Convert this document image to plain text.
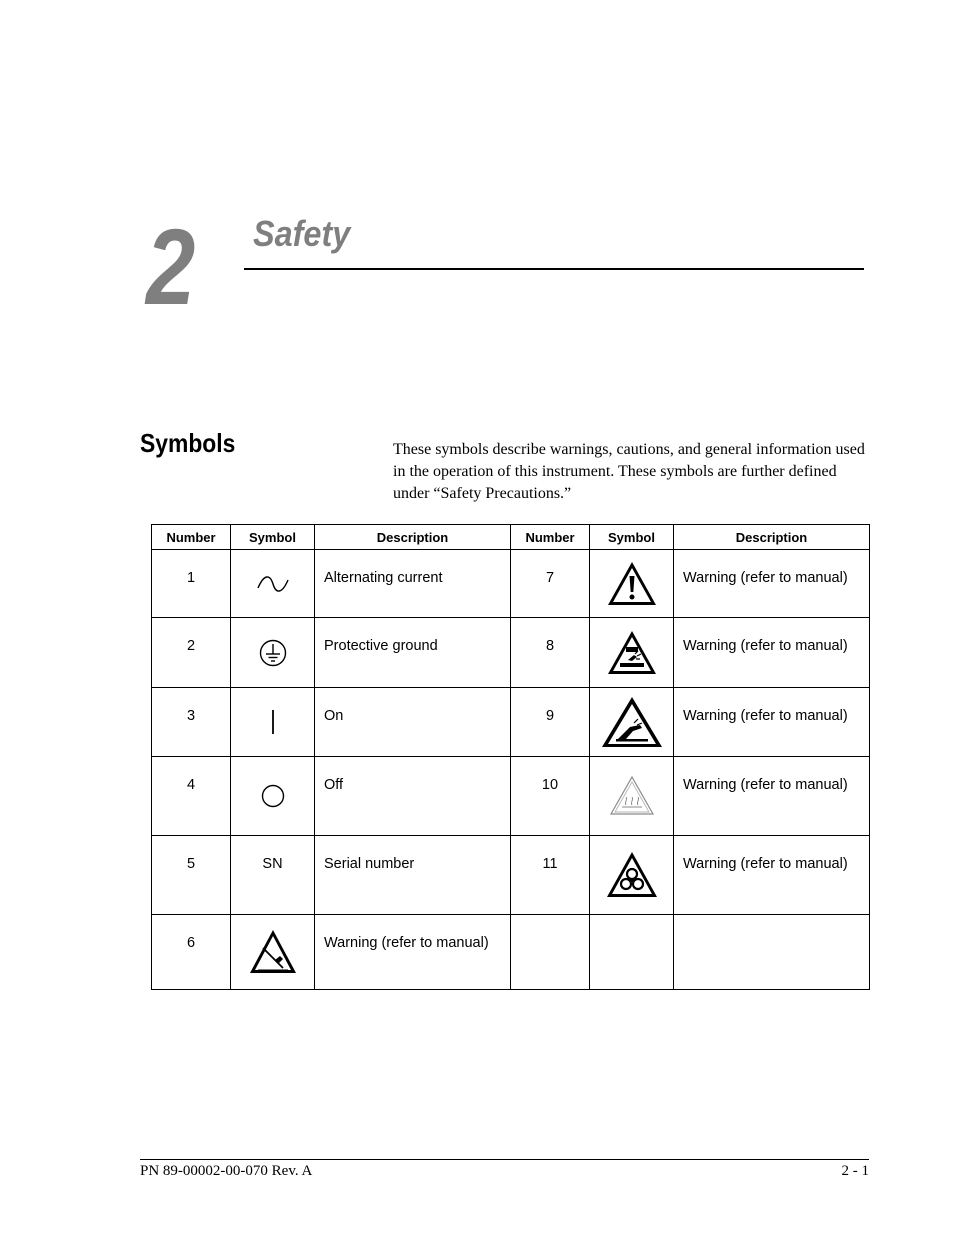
2 Safety
Symbols	These symbols describe warnings, cautions, and general information used in the operation of this instrument. These symbols are further defined under “Safety Precautions.”
Number	Symbol	Description	Number	Symbol	Description
1		Alternating current	7		Warning (refer to manual)
2		Protective ground	8		Warning (refer to manual)
3		On	9		Warning (refer to manual)
4		Off	10		Warning (refer to manual)
5	SN	Serial number	11		Warning (refer to manual)
6		Warning (refer to manual)			
PN 89-00002-00-070 Rev. A	2 - 1
